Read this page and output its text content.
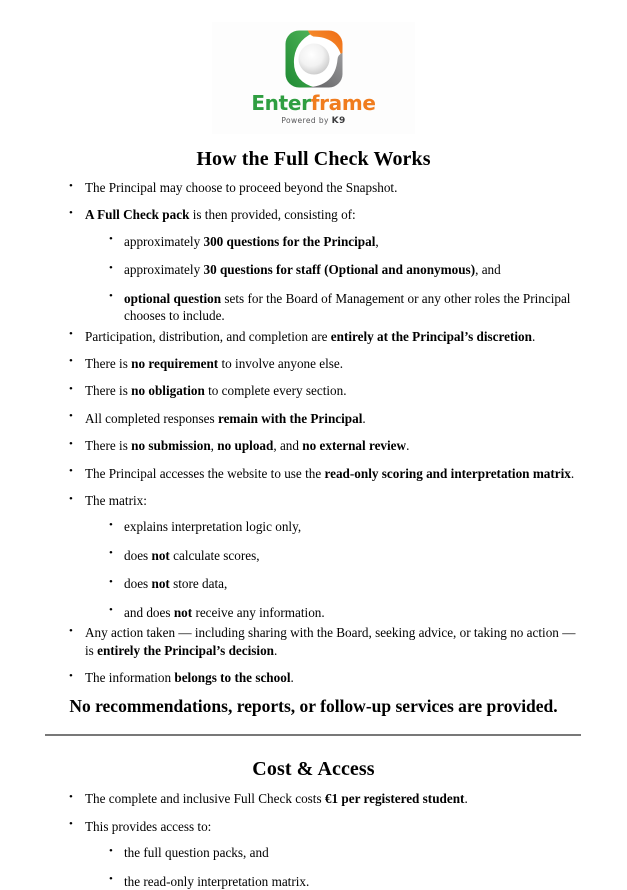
Enterframe
Powered by K9
How the Full Check Works
• The Principal may choose to proceed beyond the Snapshot.
• A Full Check pack is then provided, consisting of:
• approximately 300 questions for the Principal,
• approximately 30 questions for staff (Optional and anonymous), and
• optional question sets for the Board of Management or any other roles the Principal chooses to include.
• Participation, distribution, and completion are entirely at the Principal’s discretion.
• There is no requirement to involve anyone else.
• There is no obligation to complete every section.
• All completed responses remain with the Principal.
• There is no submission, no upload, and no external review.
• The Principal accesses the website to use the read-only scoring and interpretation matrix.
• The matrix:
• explains interpretation logic only,
• does not calculate scores,
• does not store data,
• and does not receive any information.
• Any action taken — including sharing with the Board, seeking advice, or taking no action — is entirely the Principal’s decision.
• The information belongs to the school.

No recommendations, reports, or follow-up services are provided.

Cost & Access
• The complete and inclusive Full Check costs €1 per registered student.
• This provides access to:
• the full question packs, and
• the read-only interpretation matrix.
